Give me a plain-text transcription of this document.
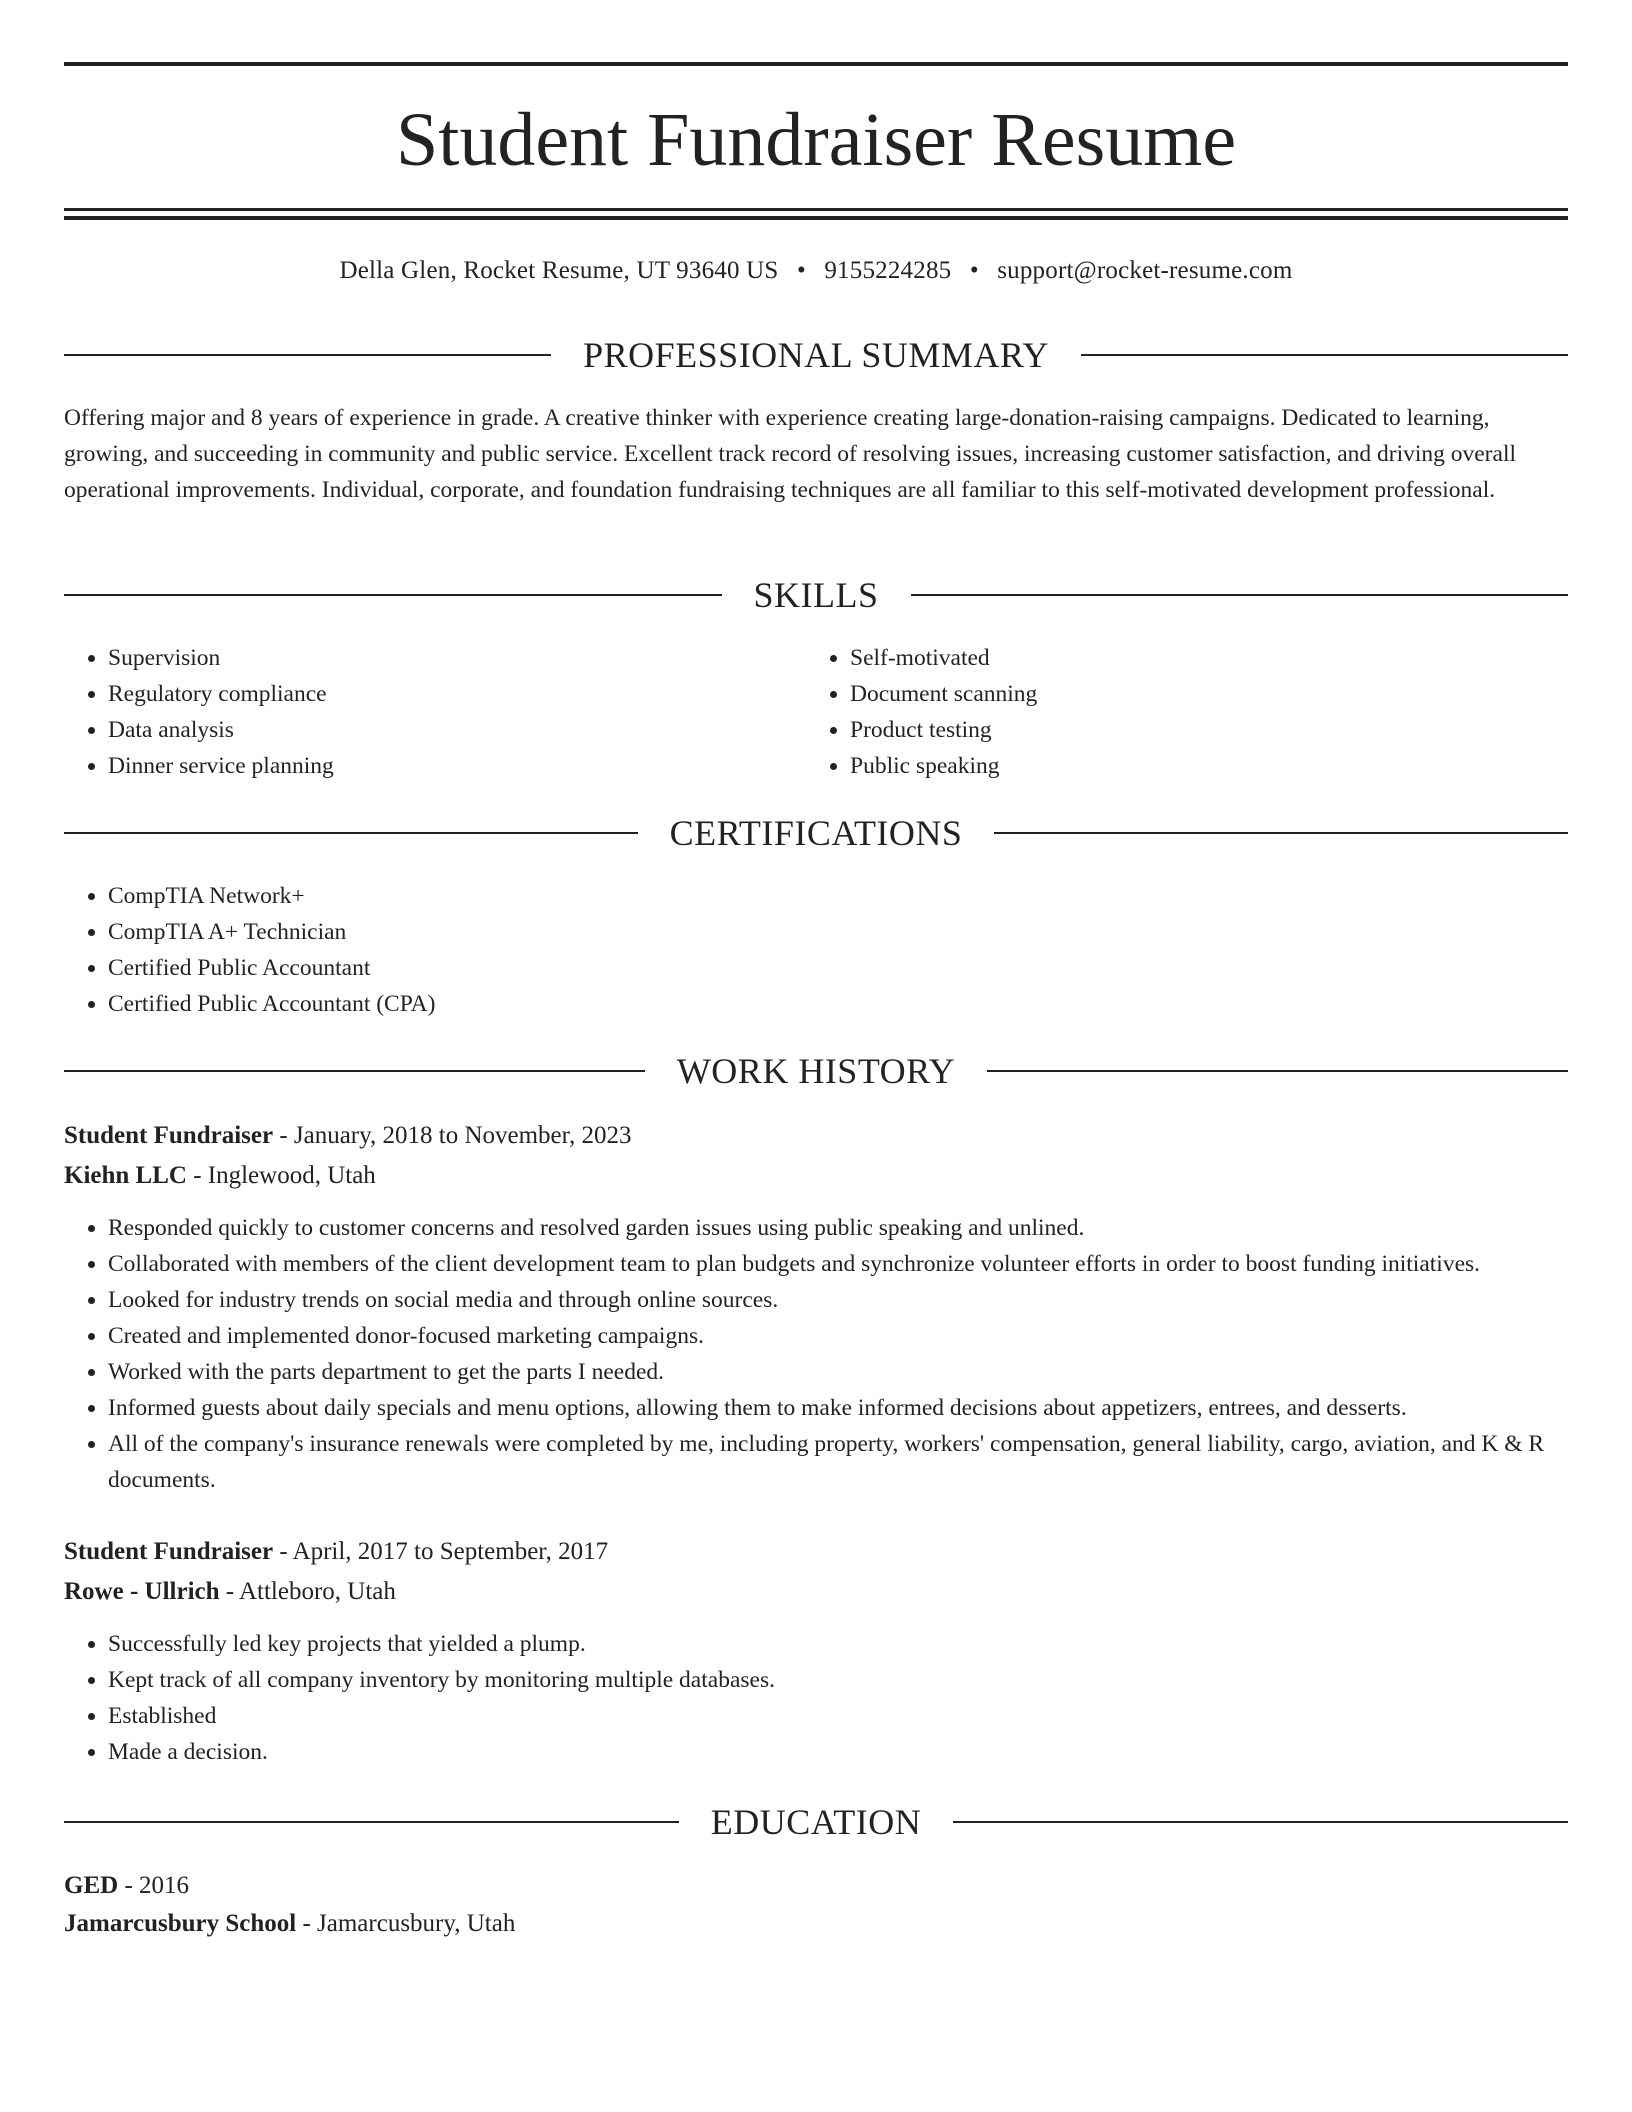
Student Fundraiser Resume
Della Glen, Rocket Resume, UT 93640 US • 9155224285 • support@rocket-resume.com
PROFESSIONAL SUMMARY

Offering major and 8 years of experience in grade. A creative thinker with experience creating large-donation-raising campaigns. Dedicated to learning, growing, and succeeding in community and public service. Excellent track record of resolving issues, increasing customer satisfaction, and driving overall operational improvements. Individual, corporate, and foundation fundraising techniques are all familiar to this self-motivated development professional.

SKILLS
• Supervision
• Regulatory compliance
• Data analysis
• Dinner service planning
• Self-motivated
• Document scanning
• Product testing
• Public speaking
CERTIFICATIONS
• CompTIA Network+
• CompTIA A+ Technician
• Certified Public Accountant
• Certified Public Accountant (CPA)
WORK HISTORY
Student Fundraiser - January, 2018 to November, 2023
Kiehn LLC - Inglewood, Utah
• Responded quickly to customer concerns and resolved garden issues using public speaking and unlined.
• Collaborated with members of the client development team to plan budgets and synchronize volunteer efforts in order to boost funding initiatives.
• Looked for industry trends on social media and through online sources.
• Created and implemented donor-focused marketing campaigns.
• Worked with the parts department to get the parts I needed.
• Informed guests about daily specials and menu options, allowing them to make informed decisions about appetizers, entrees, and desserts.
• All of the company's insurance renewals were completed by me, including property, workers' compensation, general liability, cargo, aviation, and K & R documents.
Student Fundraiser - April, 2017 to September, 2017
Rowe - Ullrich - Attleboro, Utah
• Successfully led key projects that yielded a plump.
• Kept track of all company inventory by monitoring multiple databases.
• Established
• Made a decision.
EDUCATION
GED - 2016
Jamarcusbury School - Jamarcusbury, Utah
